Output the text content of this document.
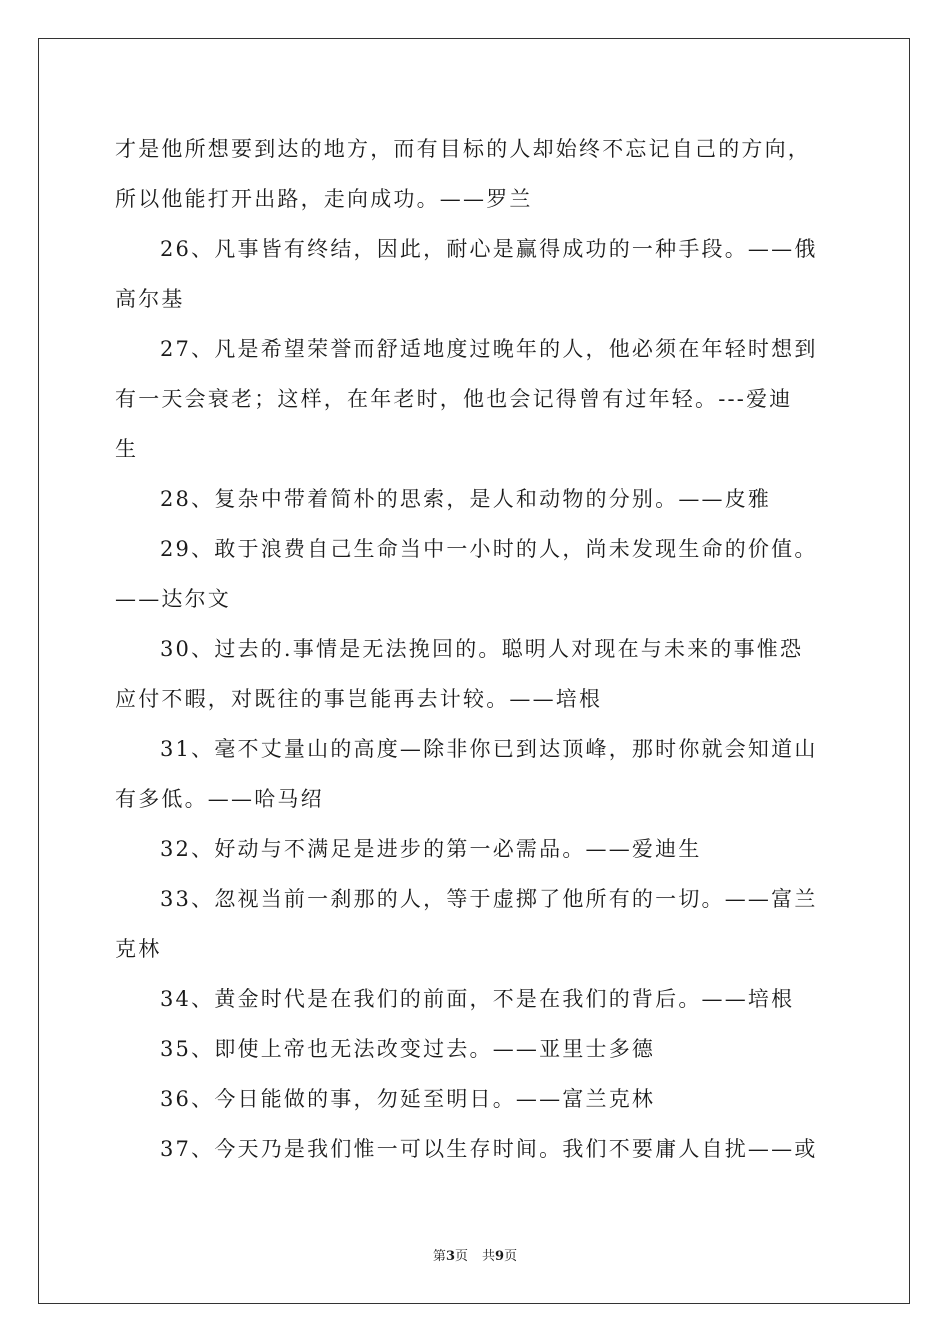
才是他所想要到达的地方，而有目标的人却始终不忘记自己的方向，
所以他能打开出路，走向成功。——罗兰
26、凡事皆有终结，因此，耐心是赢得成功的一种手段。——俄
高尔基
27、凡是希望荣誉而舒适地度过晚年的人，他必须在年轻时想到
有一天会衰老；这样，在年老时，他也会记得曾有过年轻。---爱迪
生
28、复杂中带着简朴的思索，是人和动物的分别。——皮雅
29、敢于浪费自己生命当中一小时的人，尚未发现生命的价值。
——达尔文
30、过去的.事情是无法挽回的。聪明人对现在与未来的事惟恐
应付不暇，对既往的事岂能再去计较。——培根
31、毫不丈量山的高度—除非你已到达顶峰，那时你就会知道山
有多低。——哈马绍
32、好动与不满足是进步的第一必需品。——爱迪生
33、忽视当前一刹那的人，等于虚掷了他所有的一切。——富兰
克林
34、黄金时代是在我们的前面，不是在我们的背后。——培根
35、即使上帝也无法改变过去。——亚里士多德
36、今日能做的事，勿延至明日。——富兰克林
37、今天乃是我们惟一可以生存时间。我们不要庸人自扰——或
第3页 共9页
